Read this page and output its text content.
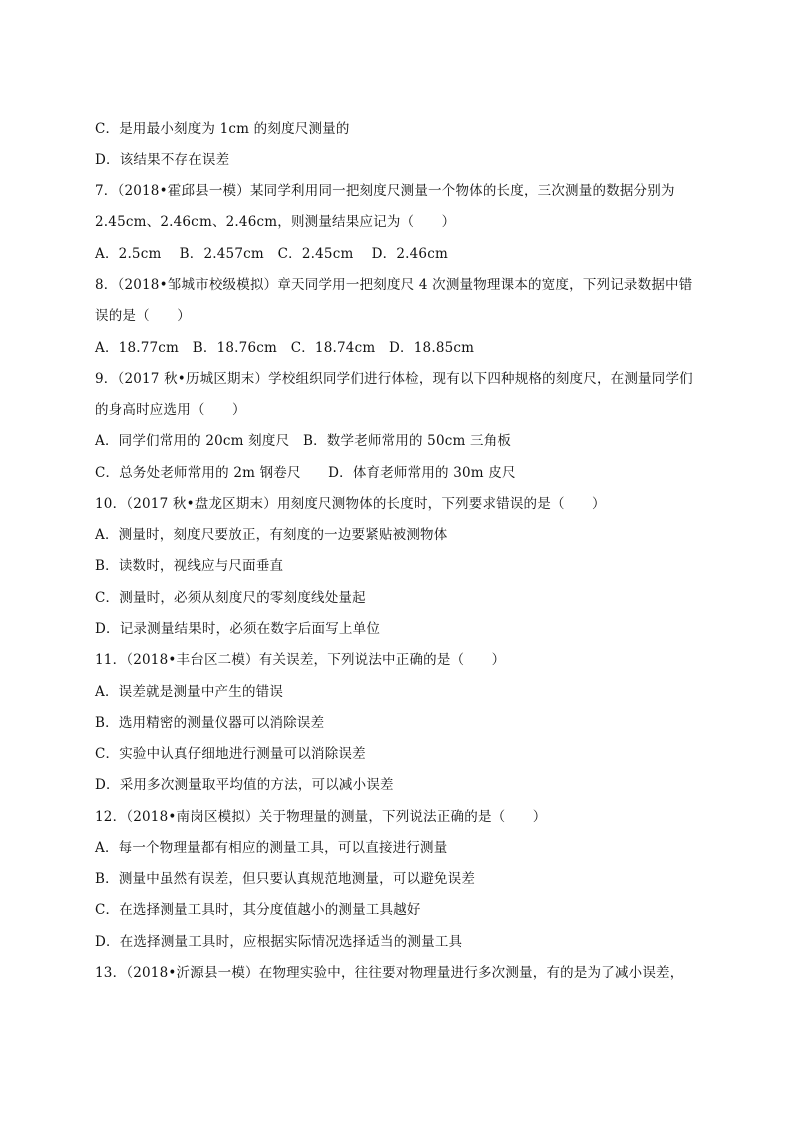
C．是用最小刻度为 1cm 的刻度尺测量的
D．该结果不存在误差
7．（2018•霍邱县一模）某同学利用同一把刻度尺测量一个物体的长度，三次测量的数据分别为
2.45cm、2.46cm、2.46cm，则测量结果应记为（　　）
A．2.5cm　 B．2.457cm　C．2.45cm　 D．2.46cm
8．（2018•邹城市校级模拟）章天同学用一把刻度尺 4 次测量物理课本的宽度，下列记录数据中错
误的是（　　）
A．18.77cm　B．18.76cm　C．18.74cm　D．18.85cm
9．（2017 秋•历城区期末）学校组织同学们进行体检，现有以下四种规格的刻度尺，在测量同学们
的身高时应选用（　　）
A．同学们常用的 20cm 刻度尺　B．数学老师常用的 50cm 三角板
C．总务处老师常用的 2m 钢卷尺　　D．体育老师常用的 30m 皮尺
10．（2017 秋•盘龙区期末）用刻度尺测物体的长度时，下列要求错误的是（　　）
A．测量时，刻度尺要放正，有刻度的一边要紧贴被测物体
B．读数时，视线应与尺面垂直
C．测量时，必须从刻度尺的零刻度线处量起
D．记录测量结果时，必须在数字后面写上单位
11．（2018•丰台区二模）有关误差，下列说法中正确的是（　　）
A．误差就是测量中产生的错误
B．选用精密的测量仪器可以消除误差
C．实验中认真仔细地进行测量可以消除误差
D．采用多次测量取平均值的方法，可以减小误差
12．（2018•南岗区模拟）关于物理量的测量，下列说法正确的是（　　）
A．每一个物理量都有相应的测量工具，可以直接进行测量
B．测量中虽然有误差，但只要认真规范地测量，可以避免误差
C．在选择测量工具时，其分度值越小的测量工具越好
D．在选择测量工具时，应根据实际情况选择适当的测量工具
13．（2018•沂源县一模）在物理实验中，往往要对物理量进行多次测量，有的是为了减小误差，
